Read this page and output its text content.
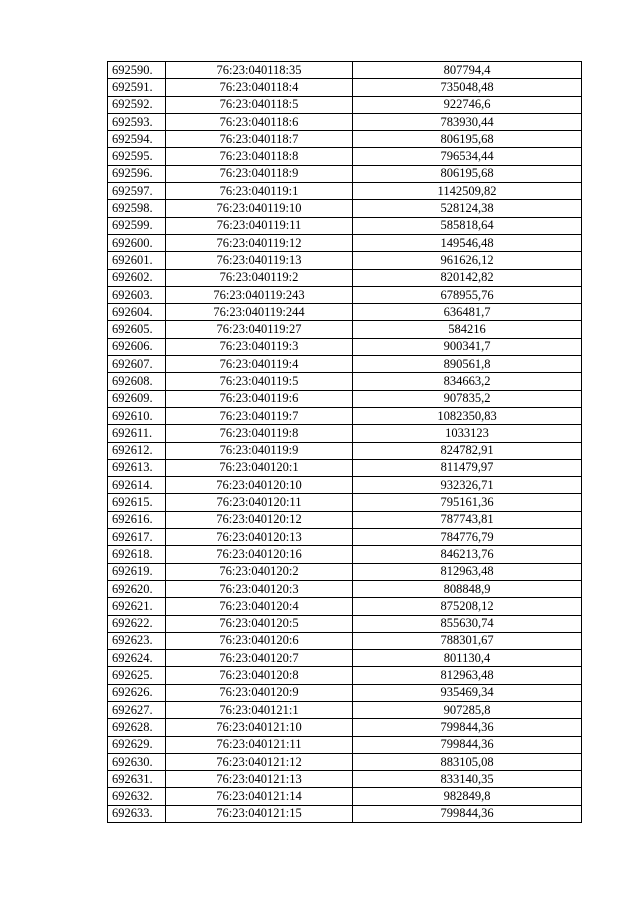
692590.	76:23:040118:35	807794,4
692591.	76:23:040118:4	735048,48
692592.	76:23:040118:5	922746,6
692593.	76:23:040118:6	783930,44
692594.	76:23:040118:7	806195,68
692595.	76:23:040118:8	796534,44
692596.	76:23:040118:9	806195,68
692597.	76:23:040119:1	1142509,82
692598.	76:23:040119:10	528124,38
692599.	76:23:040119:11	585818,64
692600.	76:23:040119:12	149546,48
692601.	76:23:040119:13	961626,12
692602.	76:23:040119:2	820142,82
692603.	76:23:040119:243	678955,76
692604.	76:23:040119:244	636481,7
692605.	76:23:040119:27	584216
692606.	76:23:040119:3	900341,7
692607.	76:23:040119:4	890561,8
692608.	76:23:040119:5	834663,2
692609.	76:23:040119:6	907835,2
692610.	76:23:040119:7	1082350,83
692611.	76:23:040119:8	1033123
692612.	76:23:040119:9	824782,91
692613.	76:23:040120:1	811479,97
692614.	76:23:040120:10	932326,71
692615.	76:23:040120:11	795161,36
692616.	76:23:040120:12	787743,81
692617.	76:23:040120:13	784776,79
692618.	76:23:040120:16	846213,76
692619.	76:23:040120:2	812963,48
692620.	76:23:040120:3	808848,9
692621.	76:23:040120:4	875208,12
692622.	76:23:040120:5	855630,74
692623.	76:23:040120:6	788301,67
692624.	76:23:040120:7	801130,4
692625.	76:23:040120:8	812963,48
692626.	76:23:040120:9	935469,34
692627.	76:23:040121:1	907285,8
692628.	76:23:040121:10	799844,36
692629.	76:23:040121:11	799844,36
692630.	76:23:040121:12	883105,08
692631.	76:23:040121:13	833140,35
692632.	76:23:040121:14	982849,8
692633.	76:23:040121:15	799844,36
